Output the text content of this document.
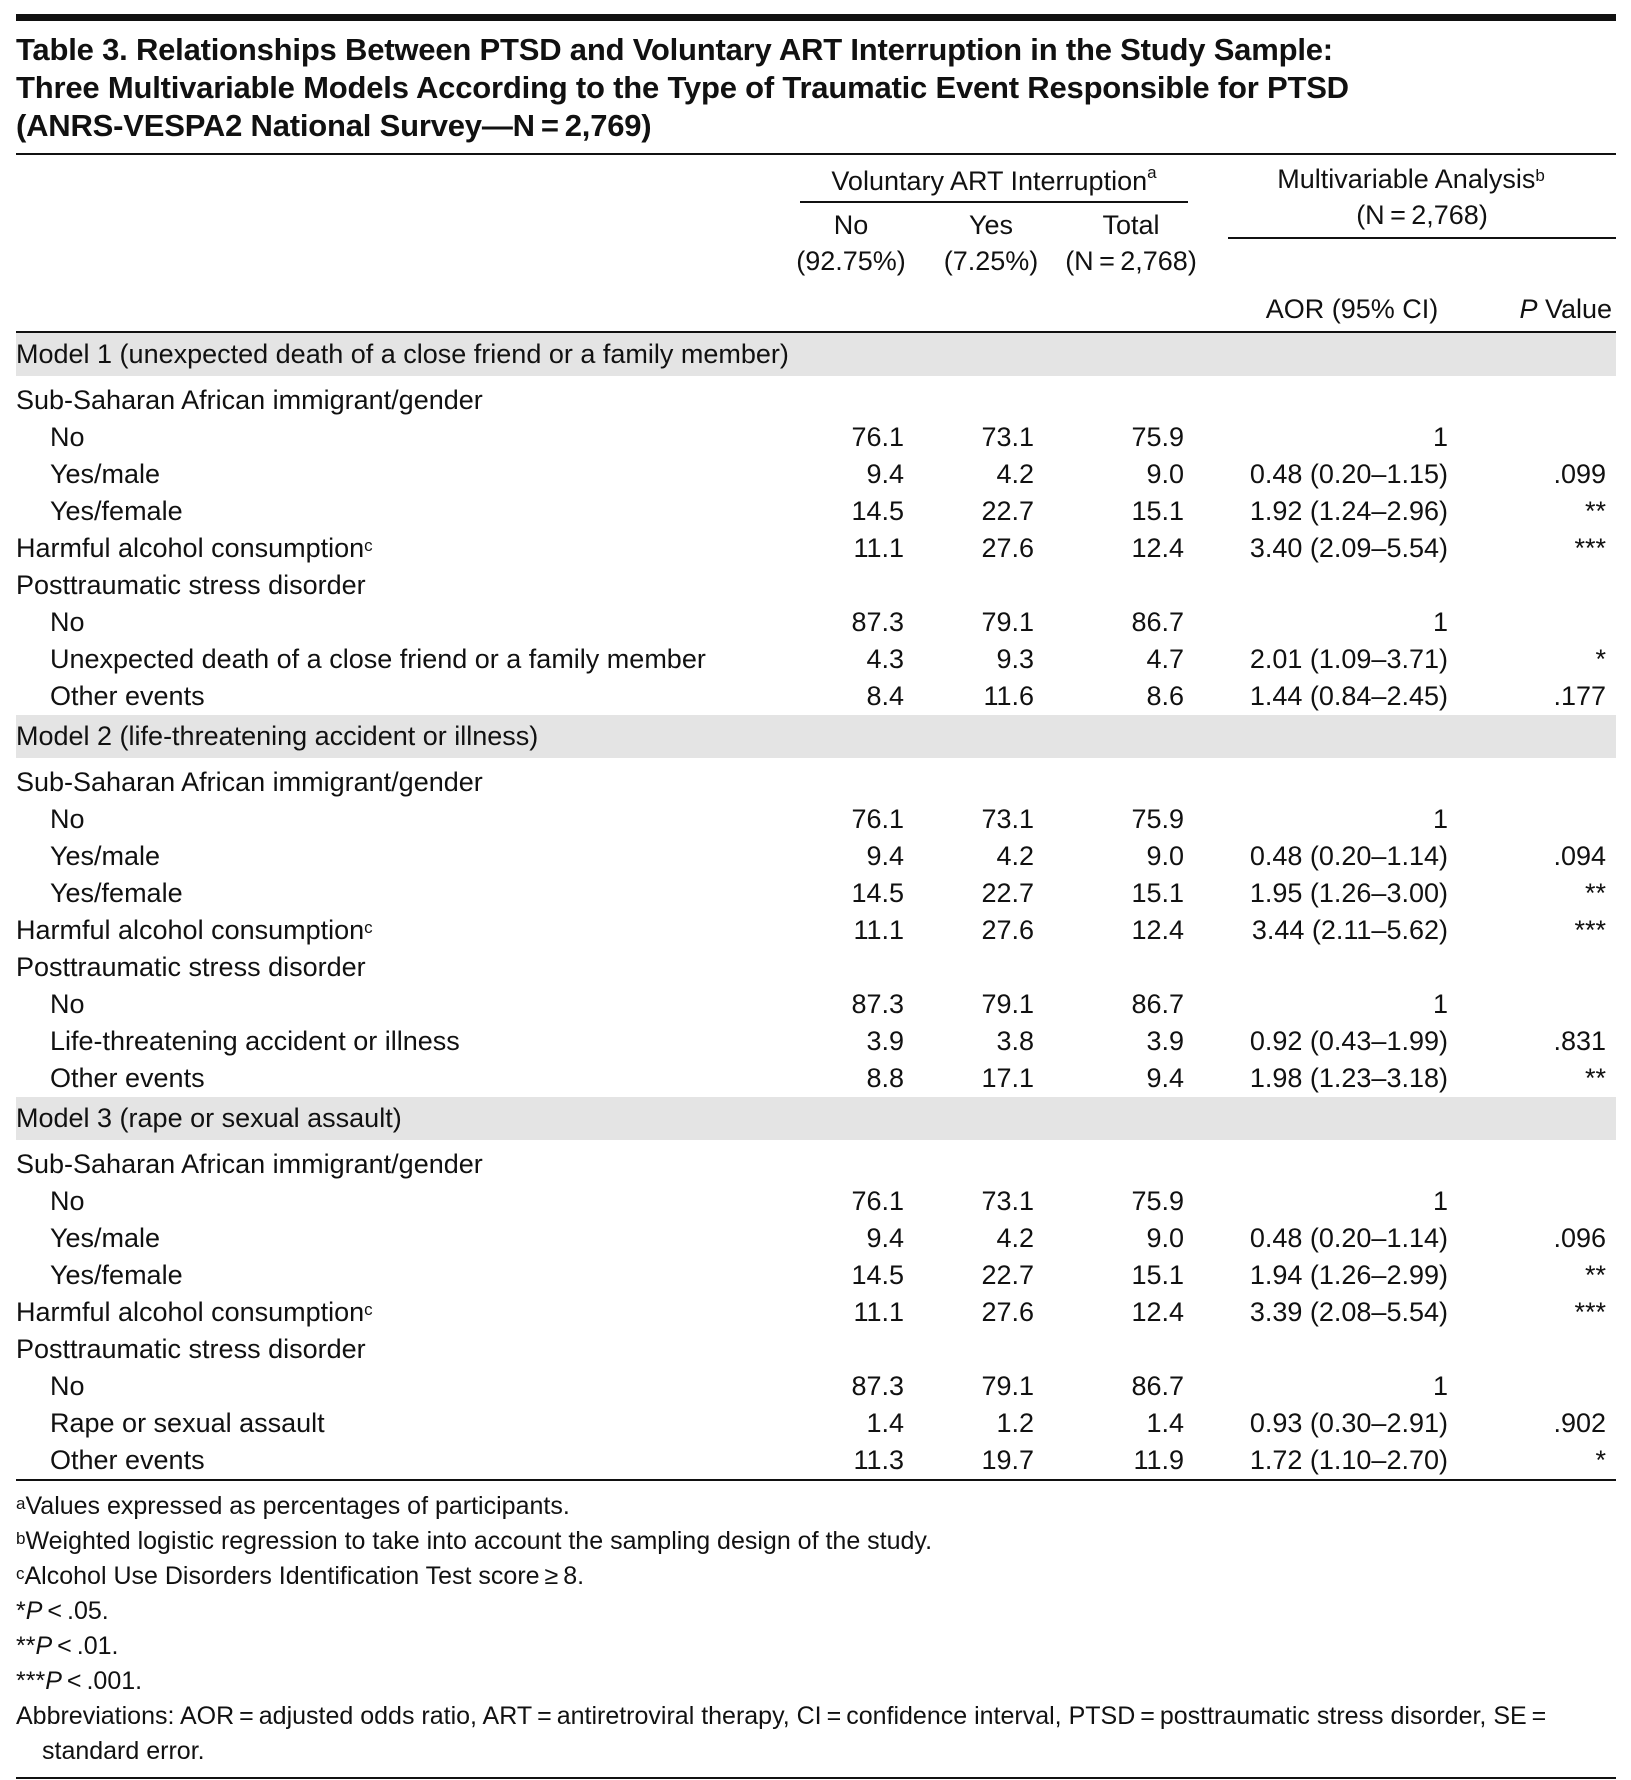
Table 3. Relationships Between PTSD and Voluntary ART Interruption in the Study Sample:
Three Multivariable Models According to the Type of Traumatic Event Responsible for PTSD
(ANRS-VESPA2 National Survey—N = 2,769)

	Voluntary ART Interruption$^a$			Multivariable Analysis$^b$
(N = 2,768)	

	No
(92.75%)	Yes
(7.25%)	Total
(N = 2,768)		
				AOR (95% CI)	P Value
Model 1 (unexpected death of a close friend or a family member)					
Sub-Saharan African immigrant/gender					
No	76.1	73.1	75.9	1	
Yes/male	9.4	4.2	9.0	0.48 (0.20–1.15)	.099
Yes/female	14.5	22.7	15.1	1.92 (1.24–2.96)	**
Harmful alcohol consumption$^c$	11.1	27.6	12.4	3.40 (2.09–5.54)	***
Posttraumatic stress disorder					
No	87.3	79.1	86.7	1	
Unexpected death of a close friend or a family member	4.3	9.3	4.7	2.01 (1.09–3.71)	*
Other events	8.4	11.6	8.6	1.44 (0.84–2.45)	.177
Model 2 (life-threatening accident or illness)					
Sub-Saharan African immigrant/gender					
No	76.1	73.1	75.9	1	
Yes/male	9.4	4.2	9.0	0.48 (0.20–1.14)	.094
Yes/female	14.5	22.7	15.1	1.95 (1.26–3.00)	**
Harmful alcohol consumption$^c$	11.1	27.6	12.4	3.44 (2.11–5.62)	***
Posttraumatic stress disorder					
No	87.3	79.1	86.7	1	
Life-threatening accident or illness	3.9	3.8	3.9	0.92 (0.43–1.99)	.831
Other events	8.8	17.1	9.4	1.98 (1.23–3.18)	**
Model 3 (rape or sexual assault)					
Sub-Saharan African immigrant/gender					
No	76.1	73.1	75.9	1	
Yes/male	9.4	4.2	9.0	0.48 (0.20–1.14)	.096
Yes/female	14.5	22.7	15.1	1.94 (1.26–2.99)	**
Harmful alcohol consumption$^c$	11.1	27.6	12.4	3.39 (2.08–5.54)	***
Posttraumatic stress disorder					
No	87.3	79.1	86.7	1	
Rape or sexual assault	1.4	1.2	1.4	0.93 (0.30–2.91)	.902
Other events	11.3	19.7	11.9	1.72 (1.10–2.70)	*
$^a$Values expressed as percentages of participants.
$^b$Weighted logistic regression to take into account the sampling design of the study.
$^c$Alcohol Use Disorders Identification Test score ≥ 8.
*P < .05.
**P < .01.
***P < .001.
Abbreviations: AOR = adjusted odds ratio, ART = antiretroviral therapy, CI = confidence interval, PTSD = posttraumatic stress disorder, SE = standard error.
